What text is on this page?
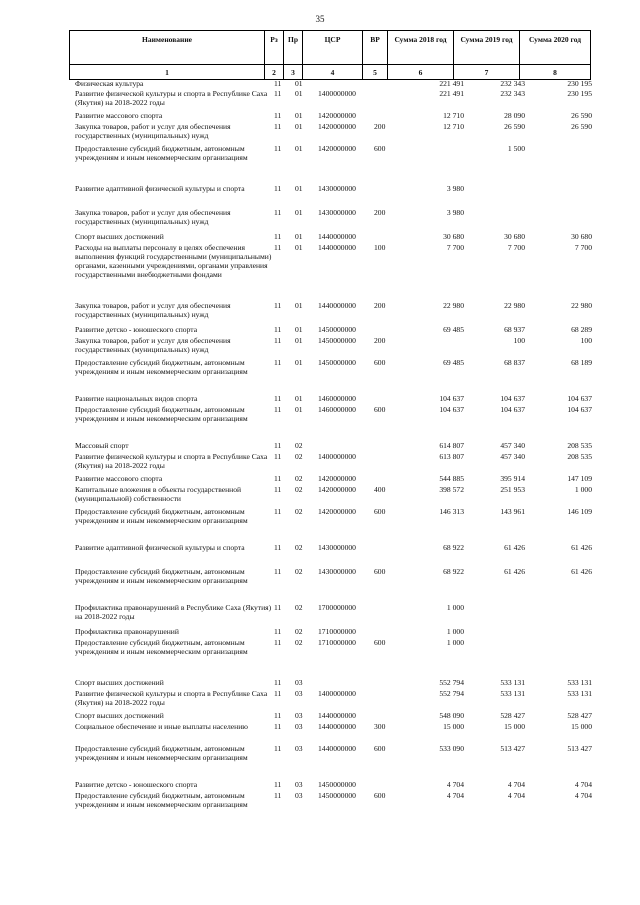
35
Наименование	Рз	Пр	ЦСР	ВР	Сумма 2018 год	Сумма 2019 год	Сумма 2020 год
1	2	3	4	5	6	7	8
Физическая культура	11	01			221 491	232 343	230 195
Развитие физической культуры и спорта в Республике Саха (Якутия) на 2018-2022 годы	11	01	1400000000		221 491	232 343	230 195
Развитие массового спорта	11	01	1420000000		12 710	28 090	26 590
Закупка товаров, работ и услуг для обеспечения государственных (муниципальных) нужд	11	01	1420000000	200	12 710	26 590	26 590
Предоставление субсидий бюджетным, автономным учреждениям и иным некоммерческим организациям	11	01	1420000000	600		1 500	
Развитие адаптивной физической культуры и спорта	11	01	1430000000		3 980		
Закупка товаров, работ и услуг для обеспечения государственных (муниципальных) нужд	11	01	1430000000	200	3 980		
Спорт высших достижений	11	01	1440000000		30 680	30 680	30 680
Расходы на выплаты персоналу в целях обеспечения выполнения функций государственными (муниципальными) органами, казенными учреждениями, органами управления государственными внебюджетными фондами	11	01	1440000000	100	7 700	7 700	7 700
Закупка товаров, работ и услуг для обеспечения государственных (муниципальных) нужд	11	01	1440000000	200	22 980	22 980	22 980
Развитие детско - юношеского спорта	11	01	1450000000		69 485	68 937	68 289
Закупка товаров, работ и услуг для обеспечения государственных (муниципальных) нужд	11	01	1450000000	200		100	100
Предоставление субсидий бюджетным, автономным учреждениям и иным некоммерческим организациям	11	01	1450000000	600	69 485	68 837	68 189
Развитие национальных видов спорта	11	01	1460000000		104 637	104 637	104 637
Предоставление субсидий бюджетным, автономным учреждениям и иным некоммерческим организациям	11	01	1460000000	600	104 637	104 637	104 637
Массовый спорт	11	02			614 807	457 340	208 535
Развитие физической культуры и спорта в Республике Саха (Якутия) на 2018-2022 годы	11	02	1400000000		613 807	457 340	208 535
Развитие массового спорта	11	02	1420000000		544 885	395 914	147 109
Капитальные вложения в объекты государственной (муниципальной) собственности	11	02	1420000000	400	398 572	251 953	1 000
Предоставление субсидий бюджетным, автономным учреждениям и иным некоммерческим организациям	11	02	1420000000	600	146 313	143 961	146 109
Развитие адаптивной физической культуры и спорта	11	02	1430000000		68 922	61 426	61 426
Предоставление субсидий бюджетным, автономным учреждениям и иным некоммерческим организациям	11	02	1430000000	600	68 922	61 426	61 426
Профилактика правонарушений в Республике Саха (Якутия) на 2018-2022 годы	11	02	1700000000		1 000		
Профилактика правонарушений	11	02	1710000000		1 000		
Предоставление субсидий бюджетным, автономным учреждениям и иным некоммерческим организациям	11	02	1710000000	600	1 000		
Спорт высших достижений	11	03			552 794	533 131	533 131
Развитие физической культуры и спорта в Республике Саха (Якутия) на 2018-2022 годы	11	03	1400000000		552 794	533 131	533 131
Спорт высших достижений	11	03	1440000000		548 090	528 427	528 427
Социальное обеспечение и иные выплаты населению	11	03	1440000000	300	15 000	15 000	15 000
Предоставление субсидий бюджетным, автономным учреждениям и иным некоммерческим организациям	11	03	1440000000	600	533 090	513 427	513 427
Развитие детско - юношеского спорта	11	03	1450000000		4 704	4 704	4 704
Предоставление субсидий бюджетным, автономным учреждениям и иным некоммерческим организациям	11	03	1450000000	600	4 704	4 704	4 704
